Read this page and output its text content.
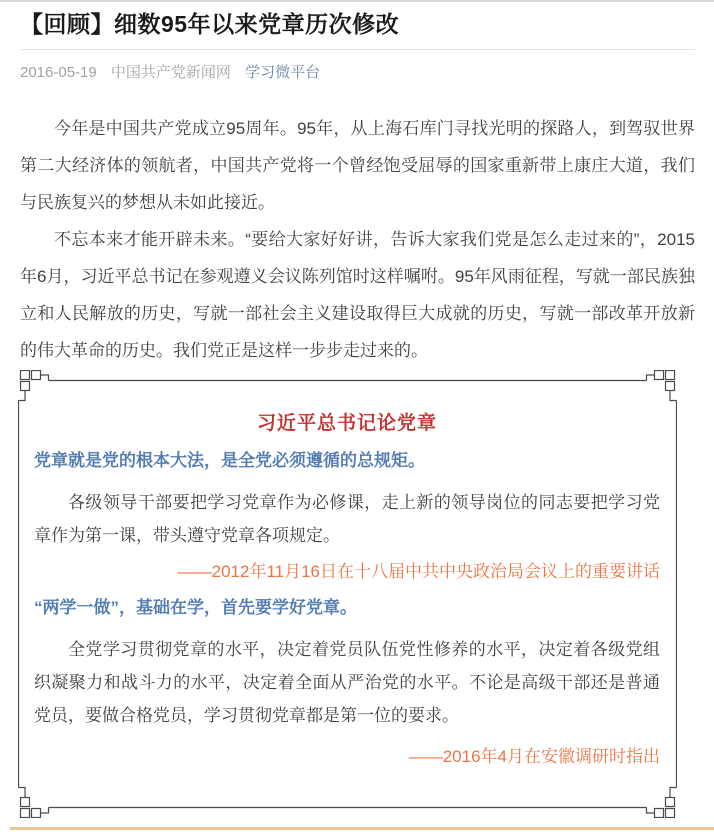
【回顾】细数95年以来党章历次修改
2016-05-19 中国共产党新闻网 学习微平台

今年是中国共产党成立95周年。95年，从上海石库门寻找光明的探路人，到驾驭世界第二大经济体的领航者，中国共产党将一个曾经饱受屈辱的国家重新带上康庄大道，我们与民族复兴的梦想从未如此接近。

不忘本来才能开辟未来。“要给大家好好讲，告诉大家我们党是怎么走过来的”，2015年6月，习近平总书记在参观遵义会议陈列馆时这样嘱咐。95年风雨征程，写就一部民族独立和人民解放的历史，写就一部社会主义建设取得巨大成就的历史，写就一部改革开放新的伟大革命的历史。我们党正是这样一步步走过来的。

习近平总书记论党章

党章就是党的根本大法，是全党必须遵循的总规矩。

各级领导干部要把学习党章作为必修课，走上新的领导岗位的同志要把学习党章作为第一课，带头遵守党章各项规定。

——2012年11月16日在十八届中共中央政治局会议上的重要讲话

“两学一做”，基础在学，首先要学好党章。

全党学习贯彻党章的水平，决定着党员队伍党性修养的水平，决定着各级党组织凝聚力和战斗力的水平，决定着全面从严治党的水平。不论是高级干部还是普通党员，要做合格党员，学习贯彻党章都是第一位的要求。

——2016年4月在安徽调研时指出
